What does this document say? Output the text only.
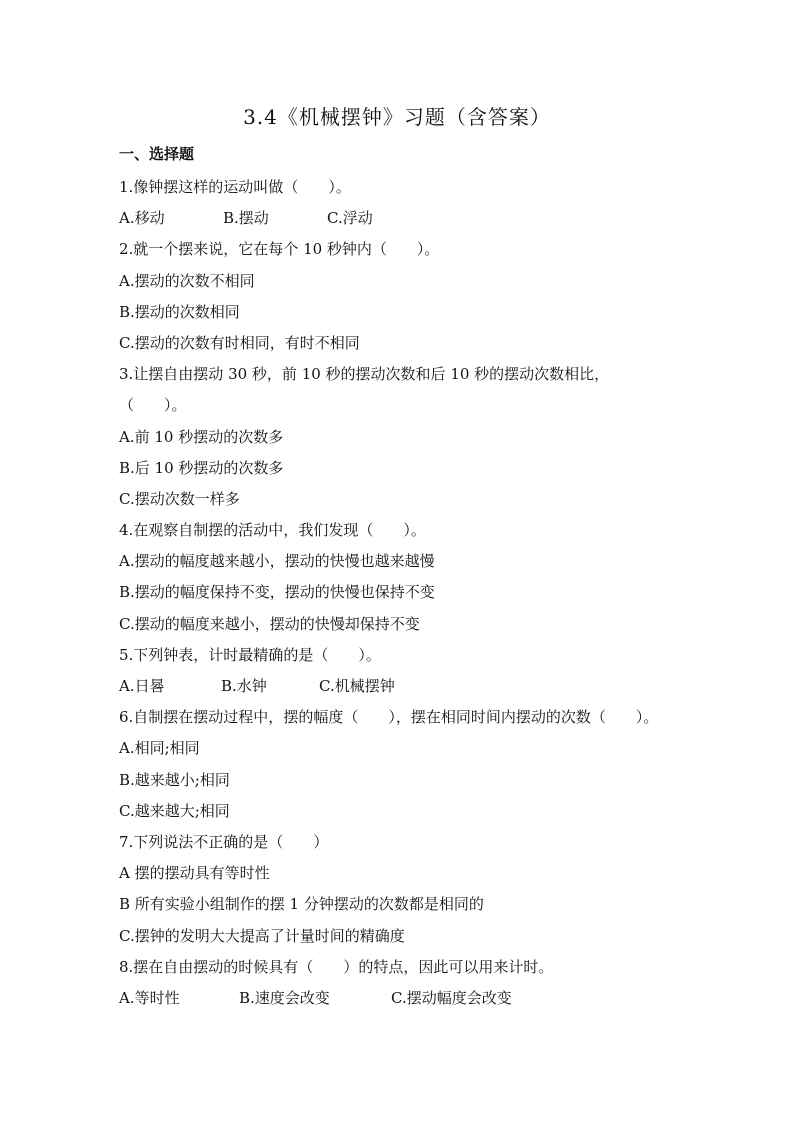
3.4《机械摆钟》习题（含答案）
一、选择题
1.像钟摆这样的运动叫做（　　）。
A.移动	B.摆动	C.浮动
2.就一个摆来说，它在每个 10 秒钟内（　　）。
A.摆动的次数不相同
B.摆动的次数相同
C.摆动的次数有时相同，有时不相同
3.让摆自由摆动 30 秒，前 10 秒的摆动次数和后 10 秒的摆动次数相比，
（　　）。
A.前 10 秒摆动的次数多
B.后 10 秒摆动的次数多
C.摆动次数一样多
4.在观察自制摆的活动中，我们发现（　　）。
A.摆动的幅度越来越小，摆动的快慢也越来越慢
B.摆动的幅度保持不变，摆动的快慢也保持不变
C.摆动的幅度来越小，摆动的快慢却保持不变
5.下列钟表，计时最精确的是（　　）。
A.日晷	B.水钟	C.机械摆钟
6.自制摆在摆动过程中，摆的幅度（　　），摆在相同时间内摆动的次数（　　）。
A.相同;相同
B.越来越小;相同
C.越来越大;相同
7.下列说法不正确的是（　　）
A 摆的摆动具有等时性
B 所有实验小组制作的摆 1 分钟摆动的次数都是相同的
C.摆钟的发明大大提高了计量时间的精确度
8.摆在自由摆动的时候具有（　　）的特点，因此可以用来计时。
A.等时性	B.速度会改变	C.摆动幅度会改变
